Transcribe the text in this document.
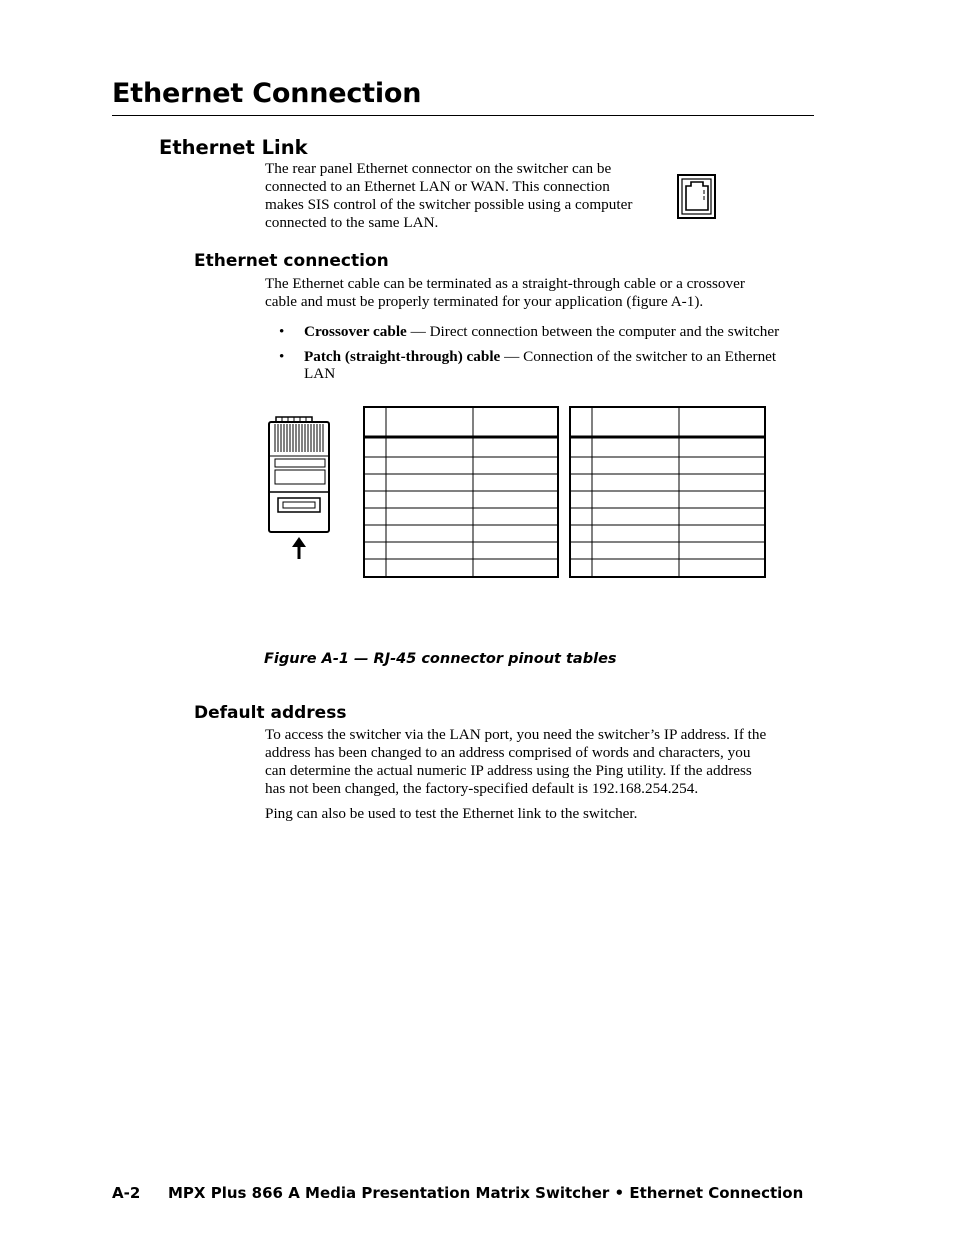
Ethernet Connection
Ethernet Link
The rear panel Ethernet connector on the switcher can be
connected to an Ethernet LAN or WAN. This connection
makes SIS control of the switcher possible using a computer
connected to the same LAN.
Ethernet connection
The Ethernet cable can be terminated as a straight-through cable or a crossover
cable and must be properly terminated for your application (figure A-1).
• Crossover cable — Direct connection between the computer and the switcher
• Patch (straight-through) cable — Connection of the switcher to an Ethernet
LAN
Figure A-1 — RJ-45 connector pinout tables
Default address
To access the switcher via the LAN port, you need the switcher’s IP address. If the
address has been changed to an address comprised of words and characters, you
can determine the actual numeric IP address using the Ping utility. If the address
has not been changed, the factory-specified default is 192.168.254.254.
Ping can also be used to test the Ethernet link to the switcher.
A-2 MPX Plus 866 A Media Presentation Matrix Switcher • Ethernet Connection
